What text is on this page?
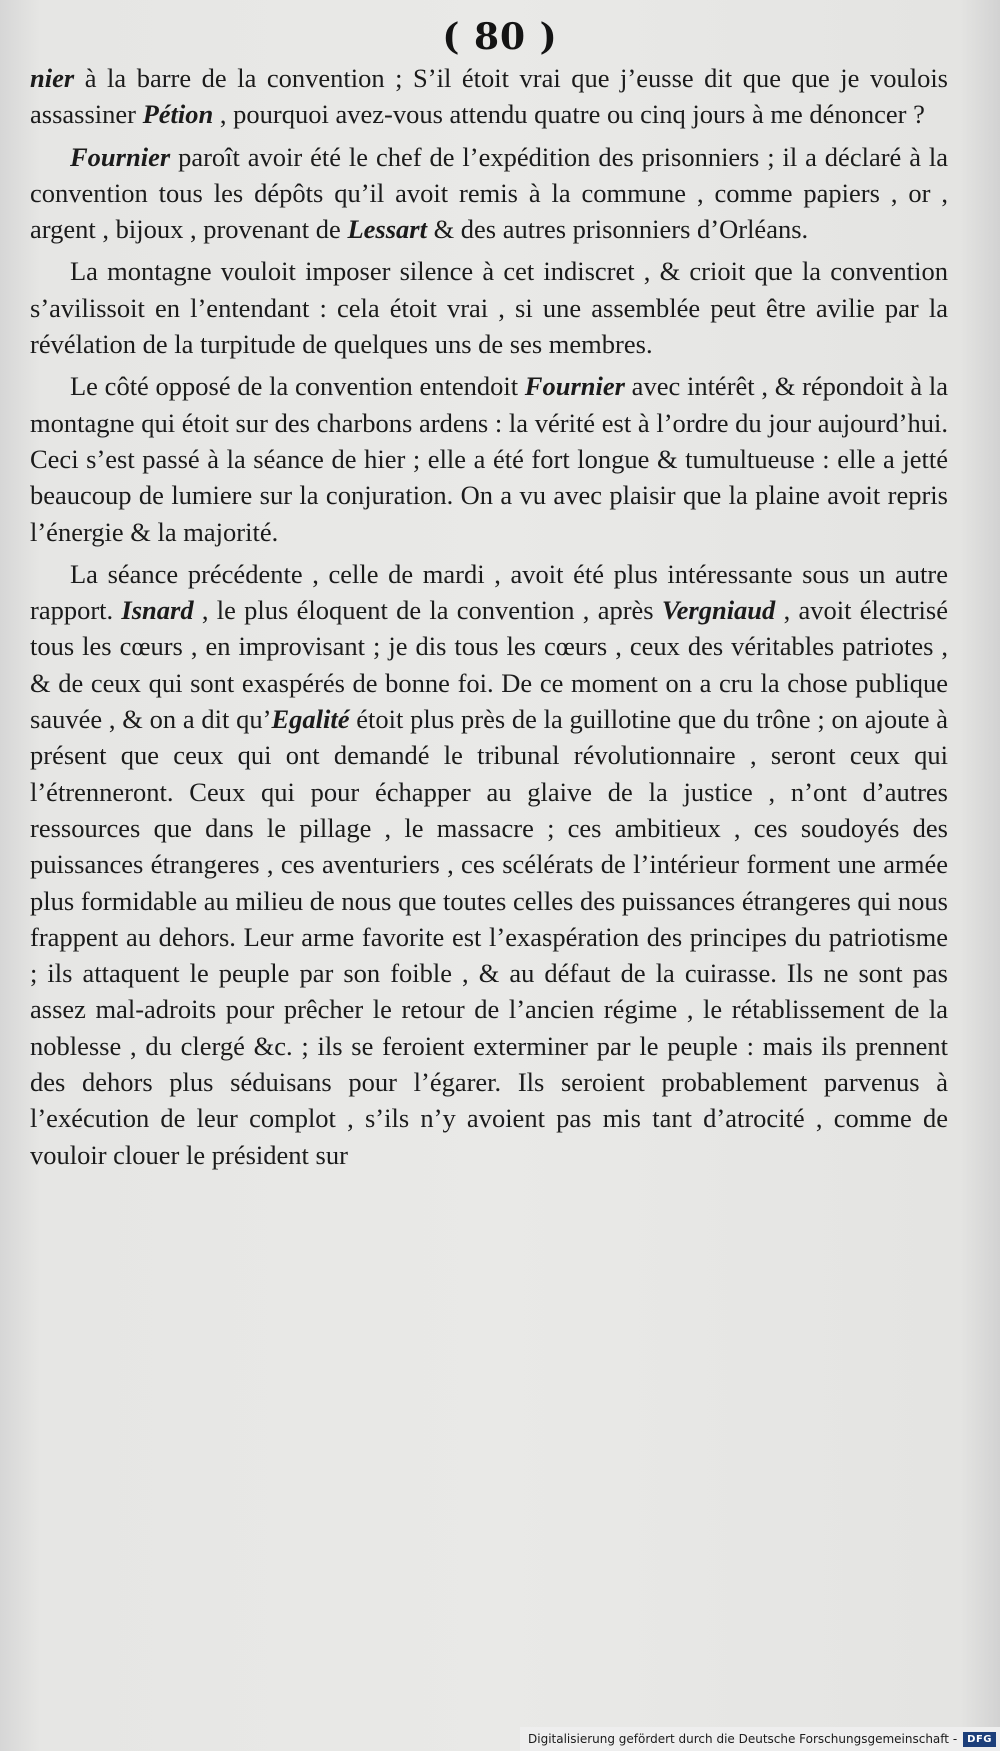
( 80 )

nier à la barre de la convention ; S’il étoit vrai que j’eusse dit que que je voulois assassiner Pétion , pourquoi avez-vous attendu quatre ou cinq jours à me dénoncer ?

Fournier paroît avoir été le chef de l’expédition des prisonniers ; il a déclaré à la convention tous les dépôts qu’il avoit remis à la commune , comme papiers , or , argent , bijoux , provenant de Lessart & des autres prisonniers d’Orléans.

La montagne vouloit imposer silence à cet indiscret , & crioit que la convention s’avilissoit en l’entendant : cela étoit vrai , si une assemblée peut être avilie par la révélation de la turpitude de quelques uns de ses membres.

Le côté opposé de la convention entendoit Fournier avec intérêt , & répondoit à la montagne qui étoit sur des charbons ardens : la vérité est à l’ordre du jour aujourd’hui. Ceci s’est passé à la séance de hier ; elle a été fort longue & tumultueuse : elle a jetté beaucoup de lumiere sur la conjuration. On a vu avec plaisir que la plaine avoit repris l’énergie & la majorité.

La séance précédente , celle de mardi , avoit été plus intéressante sous un autre rapport. Isnard , le plus éloquent de la convention , après Vergniaud , avoit électrisé tous les cœurs , en improvisant ; je dis tous les cœurs , ceux des véritables patriotes , & de ceux qui sont exaspérés de bonne foi. De ce moment on a cru la chose publique sauvée , & on a dit qu’Egalité étoit plus près de la guillotine que du trône ; on ajoute à présent que ceux qui ont demandé le tribunal révolutionnaire , seront ceux qui l’étrenneront. Ceux qui pour échapper au glaive de la justice , n’ont d’autres ressources que dans le pillage , le massacre ; ces ambitieux , ces soudoyés des puissances étrangeres , ces aventuriers , ces scélérats de l’intérieur forment une armée plus formidable au milieu de nous que toutes celles des puissances étrangeres qui nous frappent au dehors. Leur arme favorite est l’exaspération des principes du patriotisme ; ils attaquent le peuple par son foible , & au défaut de la cuirasse. Ils ne sont pas assez mal-adroits pour prêcher le retour de l’ancien régime , le rétablissement de la noblesse , du clergé &c. ; ils se feroient exterminer par le peuple : mais ils prennent des dehors plus séduisans pour l’égarer. Ils seroient probablement parvenus à l’exécution de leur complot , s’ils n’y avoient pas mis tant d’atrocité , comme de vouloir clouer le président sur

Digitalisierung gefördert durch die Deutsche Forschungsgemeinschaft -	DFG
